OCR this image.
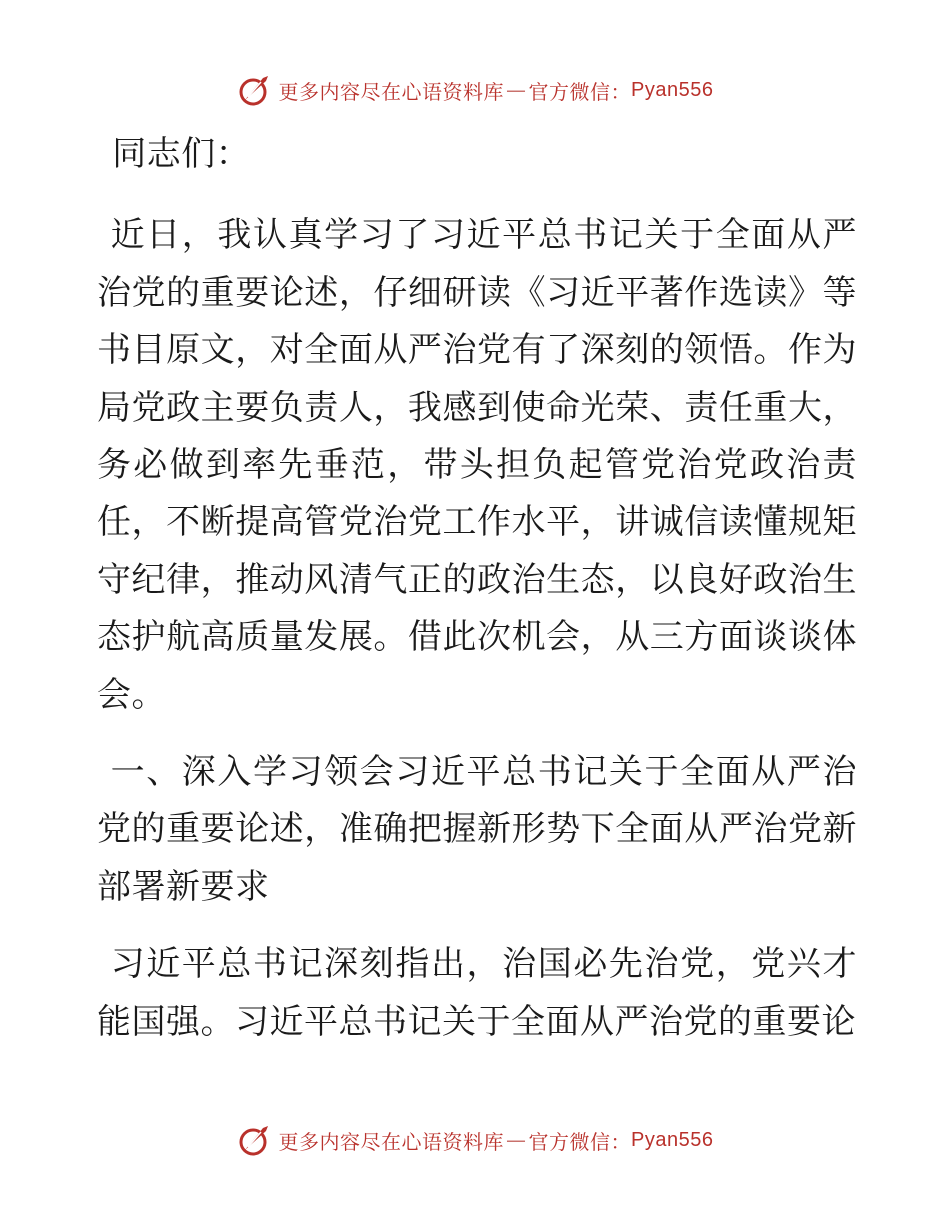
更多内容尽在心语资料库 — 官方微信： Pyan556

同志们：

近日，我认真学习了习近平总书记关于全面从严治党的重要论述，仔细研读《习近平著作选读》等书目原文，对全面从严治党有了深刻的领悟。作为局党政主要负责人，我感到使命光荣、责任重大，务必做到率先垂范，带头担负起管党治党政治责任，不断提高管党治党工作水平，讲诚信读懂规矩守纪律，推动风清气正的政治生态，以良好政治生态护航高质量发展。借此次机会，从三方面谈谈体会。

一、深入学习领会习近平总书记关于全面从严治党的重要论述，准确把握新形势下全面从严治党新部署新要求

习近平总书记深刻指出，治国必先治党，党兴才能国强。习近平总书记关于全面从严治党的重要论

更多内容尽在心语资料库 — 官方微信： Pyan556
